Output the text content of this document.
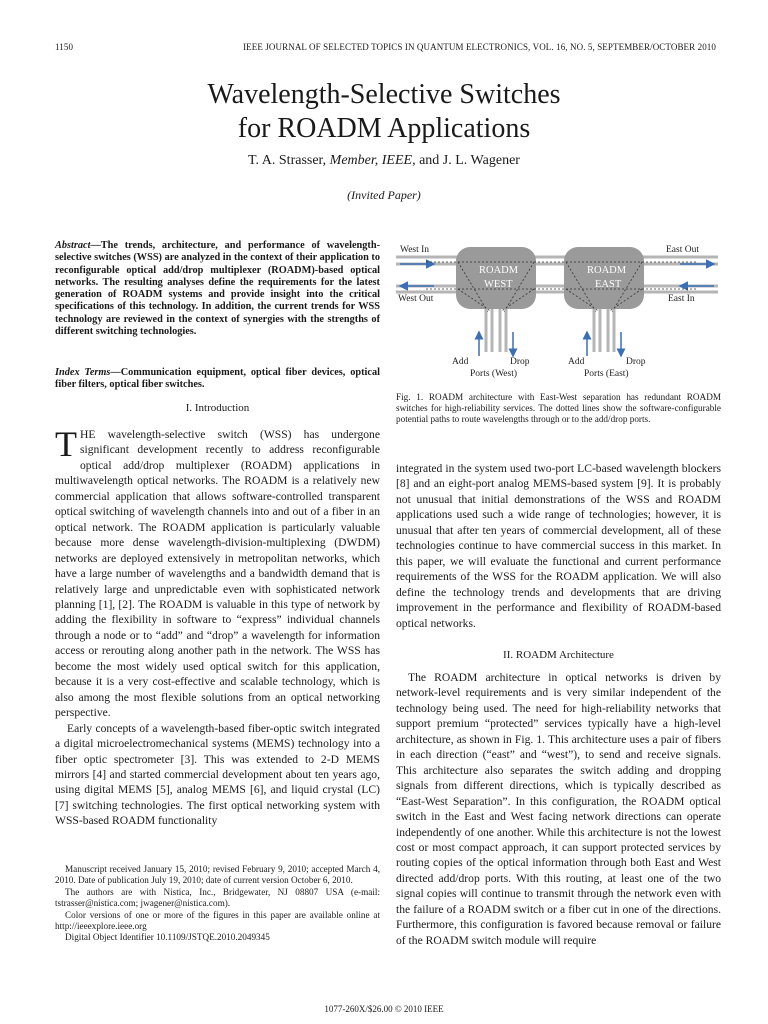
1150	IEEE JOURNAL OF SELECTED TOPICS IN QUANTUM ELECTRONICS, VOL. 16, NO. 5, SEPTEMBER/OCTOBER 2010
Wavelength-Selective Switches
for ROADM Applications
T. A. Strasser, Member, IEEE, and J. L. Wagener
(Invited Paper)
Abstract—The trends, architecture, and performance of wavelength-selective switches (WSS) are analyzed in the context of their application to reconfigurable optical add/drop multiplexer (ROADM)-based optical networks. The resulting analyses define the requirements for the latest generation of ROADM systems and provide insight into the critical specifications of this technology. In addition, the current trends for WSS technology are reviewed in the context of synergies with the strengths of different switching technologies.
Index Terms—Communication equipment, optical fiber devices, optical fiber filters, optical fiber switches.
I. Introduction

THE wavelength-selective switch (WSS) has undergone significant development recently to address reconfigurable optical add/drop multiplexer (ROADM) applications in multiwavelength optical networks. The ROADM is a relatively new commercial application that allows software-controlled transparent optical switching of wavelength channels into and out of a fiber in an optical network. The ROADM application is particularly valuable because more dense wavelength-division-multiplexing (DWDM) networks are deployed extensively in metropolitan networks, which have a large number of wavelengths and a bandwidth demand that is relatively large and unpredictable even with sophisticated network planning [1], [2]. The ROADM is valuable in this type of network by adding the flexibility in software to “express” individual channels through a node or to “add” and “drop” a wavelength for information access or rerouting along another path in the network. The WSS has become the most widely used optical switch for this application, because it is a very cost-effective and scalable technology, which is also among the most flexible solutions from an optical networking perspective.

Early concepts of a wavelength-based fiber-optic switch integrated a digital microelectromechanical systems (MEMS) technology into a fiber optic spectrometer [3]. This was extended to 2-D MEMS mirrors [4] and started commercial development about ten years ago, using digital MEMS [5], analog MEMS [6], and liquid crystal (LC) [7] switching technologies. The first optical networking system with WSS-based ROADM functionality

Manuscript received January 15, 2010; revised February 9, 2010; accepted March 4, 2010. Date of publication July 19, 2010; date of current version October 6, 2010.

The authors are with Nistica, Inc., Bridgewater, NJ 08807 USA (e-mail: tstrasser@nistica.com; jwagener@nistica.com).

Color versions of one or more of the figures in this paper are available online at http://ieeexplore.ieee.org

Digital Object Identifier 10.1109/JSTQE.2010.2049345

ROADM
WEST
ROADM
EAST
West In
West Out
East Out
East In
Add	Drop
Ports (West)
Add	Drop
Ports (East)
Fig. 1. ROADM architecture with East-West separation has redundant ROADM switches for high-reliability services. The dotted lines show the software-configurable potential paths to route wavelengths through or to the add/drop ports.
integrated in the system used two-port LC-based wavelength blockers [8] and an eight-port analog MEMS-based system [9]. It is probably not unusual that initial demonstrations of the WSS and ROADM applications used such a wide range of technologies; however, it is unusual that after ten years of commercial development, all of these technologies continue to have commercial success in this market. In this paper, we will evaluate the functional and current performance requirements of the WSS for the ROADM application. We will also define the technology trends and developments that are driving improvement in the performance and flexibility of ROADM-based optical networks.
II. ROADM Architecture

The ROADM architecture in optical networks is driven by network-level requirements and is very similar independent of the technology being used. The need for high-reliability networks that support premium “protected” services typically have a high-level architecture, as shown in Fig. 1. This architecture uses a pair of fibers in each direction (“east” and “west”), to send and receive signals. This architecture also separates the switch adding and dropping signals from different directions, which is typically described as “East-West Separation”. In this configuration, the ROADM optical switch in the East and West facing network directions can operate independently of one another. While this architecture is not the lowest cost or most compact approach, it can support protected services by routing copies of the optical information through both East and West directed add/drop ports. With this routing, at least one of the two signal copies will continue to transmit through the network even with the failure of a ROADM switch or a fiber cut in one of the directions. Furthermore, this configuration is favored because removal or failure of the ROADM switch module will require

1077-260X/$26.00 © 2010 IEEE
